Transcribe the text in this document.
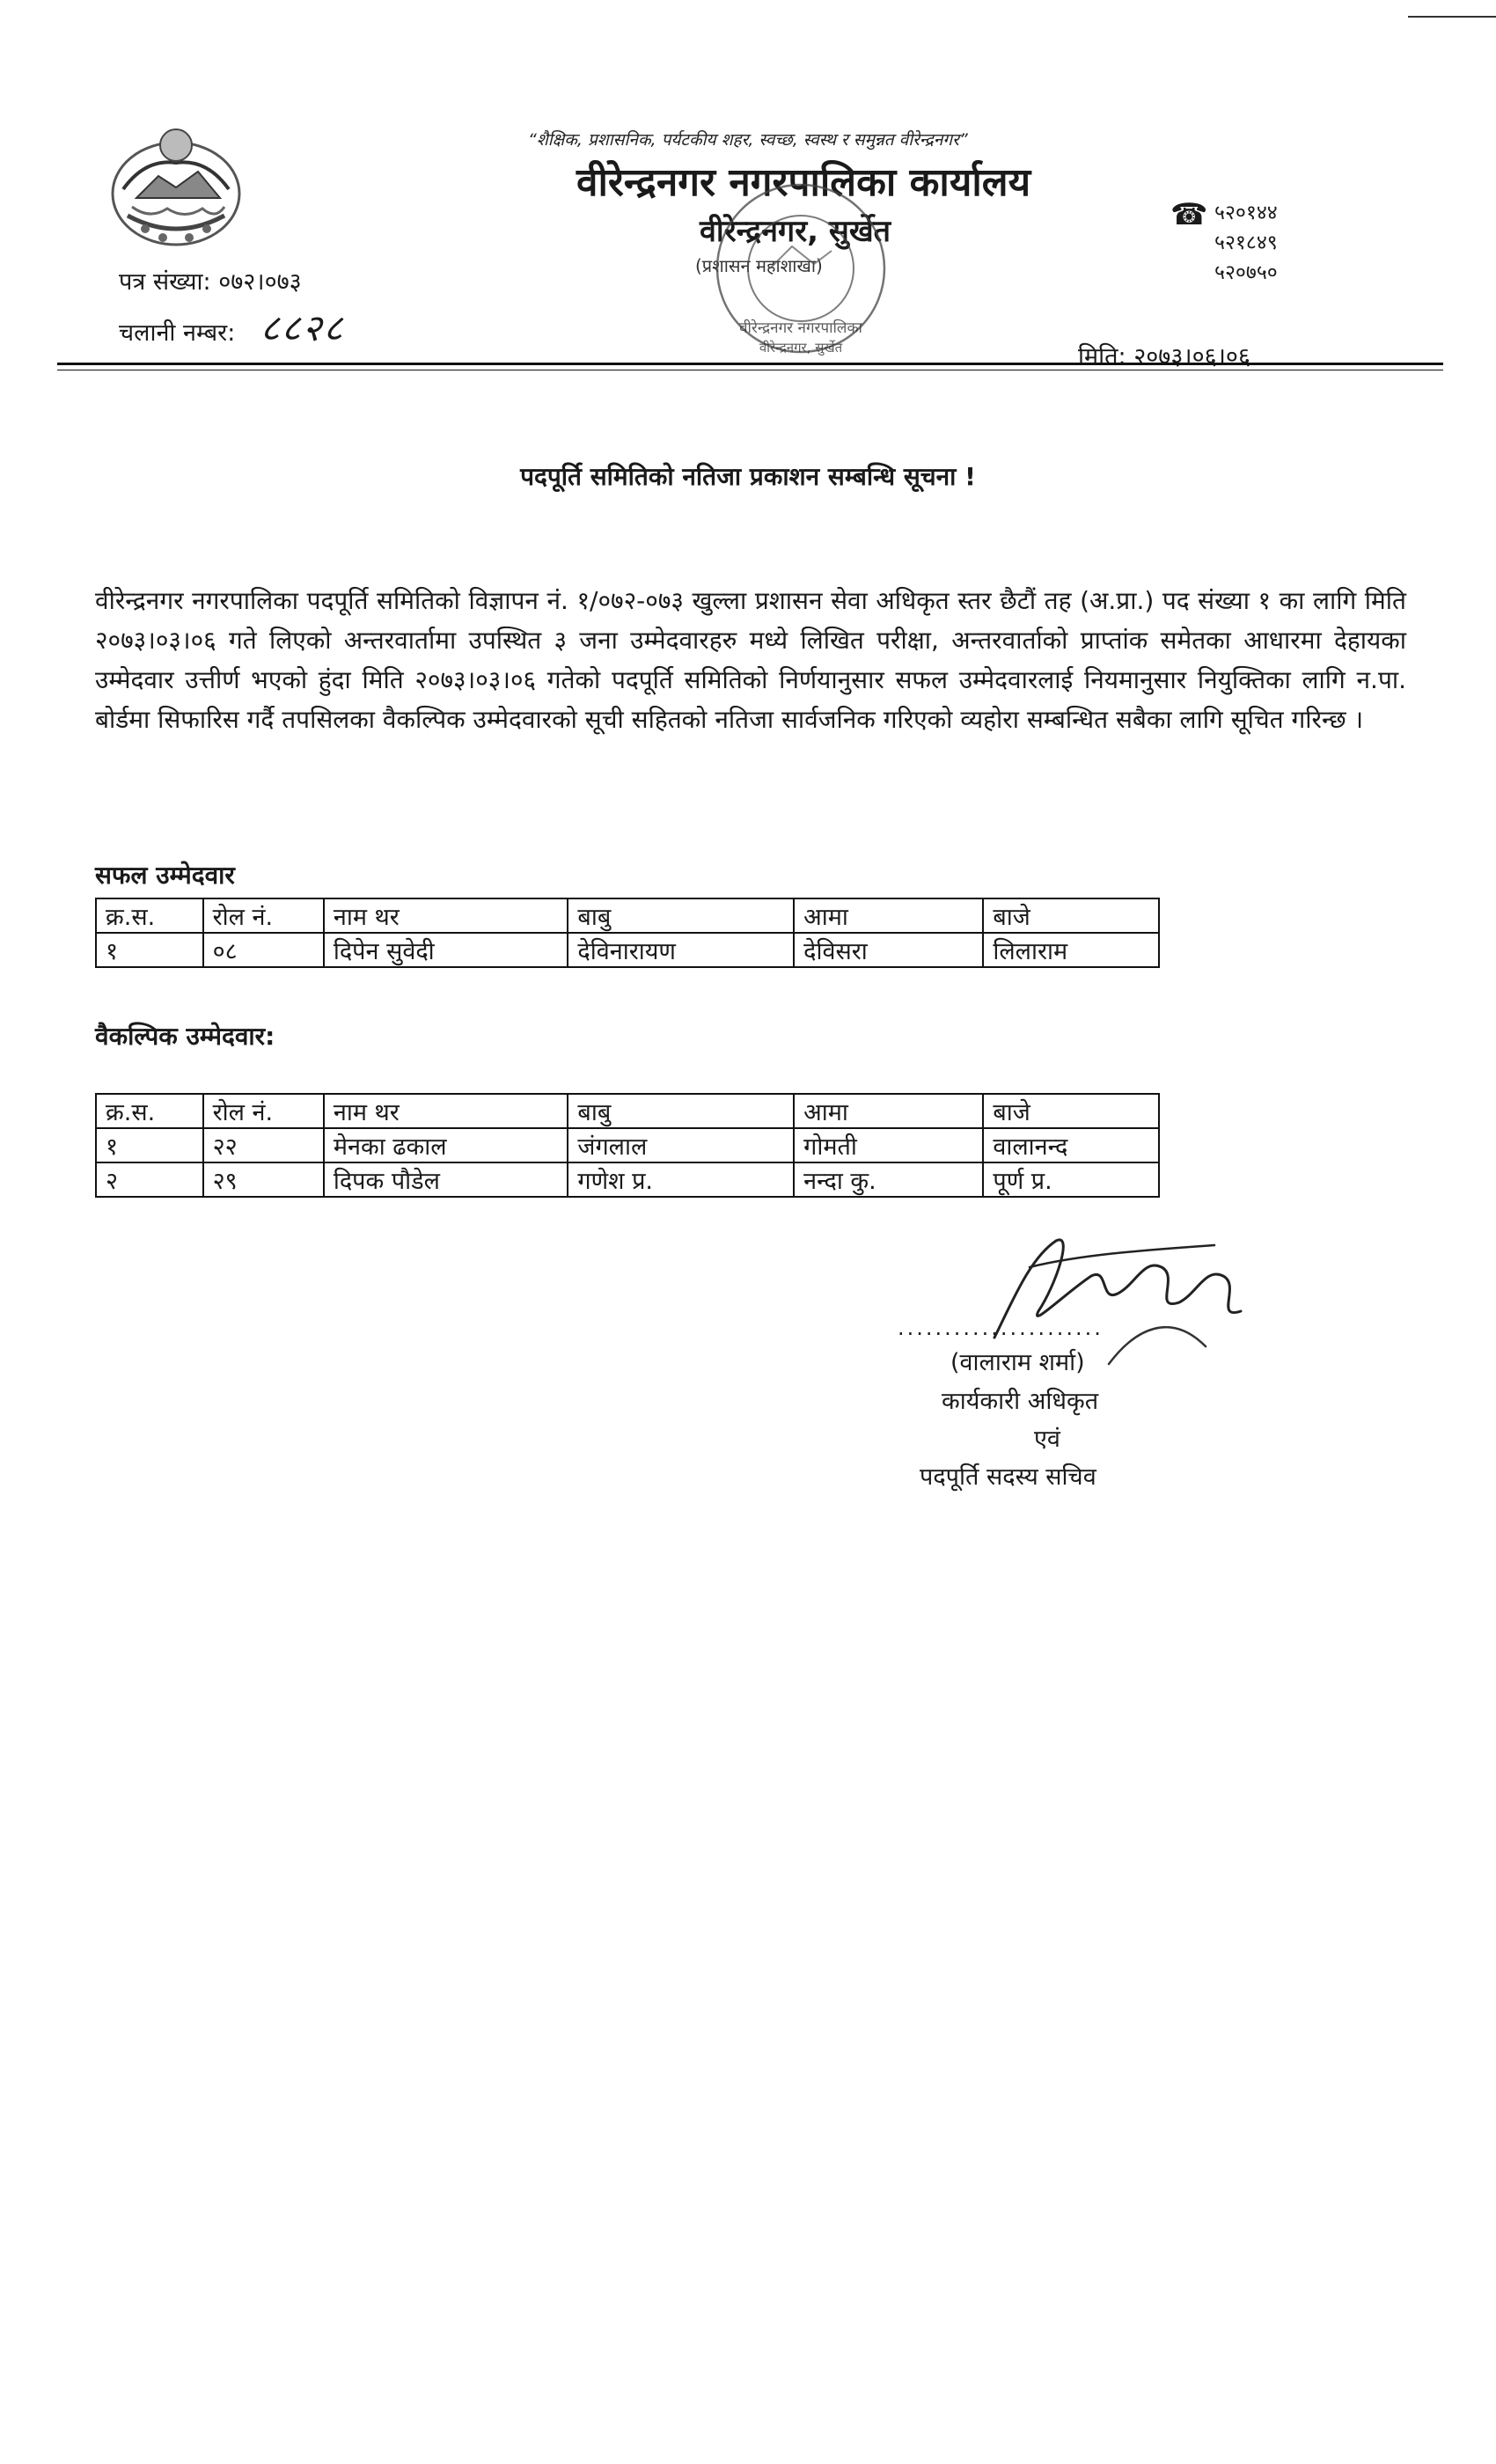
“शैक्षिक, प्रशासनिक, पर्यटकीय शहर, स्वच्छ, स्वस्थ र समुन्नत वीरेन्द्रनगर”
वीरेन्द्रनगर नगरपालिका कार्यालय
वीरेन्द्रनगर, सुर्खेत
(प्रशासन महाशाखा)
वीरेन्द्रनगर नगरपालिका
वीरेन्द्रनगर, सुर्खेत
☎ ५२०१४४
५२१८४९
५२०७५०
पत्र संख्या: ०७२।०७३
चलानी नम्बर: ८८२८
मिति: २०७३।०६।०६
पदपूर्ति समितिको नतिजा प्रकाशन सम्बन्धि सूचना !
वीरेन्द्रनगर नगरपालिका पदपूर्ति समितिको विज्ञापन नं. १/०७२-०७३ खुल्ला प्रशासन सेवा अधिकृत स्तर छैटौं तह (अ.प्रा.) पद संख्या १ का लागि मिति २०७३।०३।०६ गते लिएको अन्तरवार्तामा उपस्थित ३ जना उम्मेदवारहरु मध्ये लिखित परीक्षा, अन्तरवार्ताको प्राप्तांक समेतका आधारमा देहायका उम्मेदवार उत्तीर्ण भएको हुंदा मिति २०७३।०३।०६ गतेको पदपूर्ति समितिको निर्णयानुसार सफल उम्मेदवारलाई नियमानुसार नियुक्तिका लागि न.पा. बोर्डमा सिफारिस गर्दै तपसिलका वैकल्पिक उम्मेदवारको सूची सहितको नतिजा सार्वजनिक गरिएको व्यहोरा सम्बन्धित सबैका लागि सूचित गरिन्छ ।
सफल उम्मेदवार
क्र.स.	रोल नं.	नाम थर	बाबु	आमा	बाजे
१	०८	दिपेन सुवेदी	देविनारायण	देविसरा	लिलाराम
वैकल्पिक उम्मेदवार:
क्र.स.	रोल नं.	नाम थर	बाबु	आमा	बाजे
१	२२	मेनका ढकाल	जंगलाल	गोमती	वालानन्द
२	२९	दिपक पौडेल	गणेश प्र.	नन्दा कु.	पूर्ण प्र.
......................
(वालाराम शर्मा)
कार्यकारी अधिकृत
एवं
पदपूर्ति सदस्य सचिव
